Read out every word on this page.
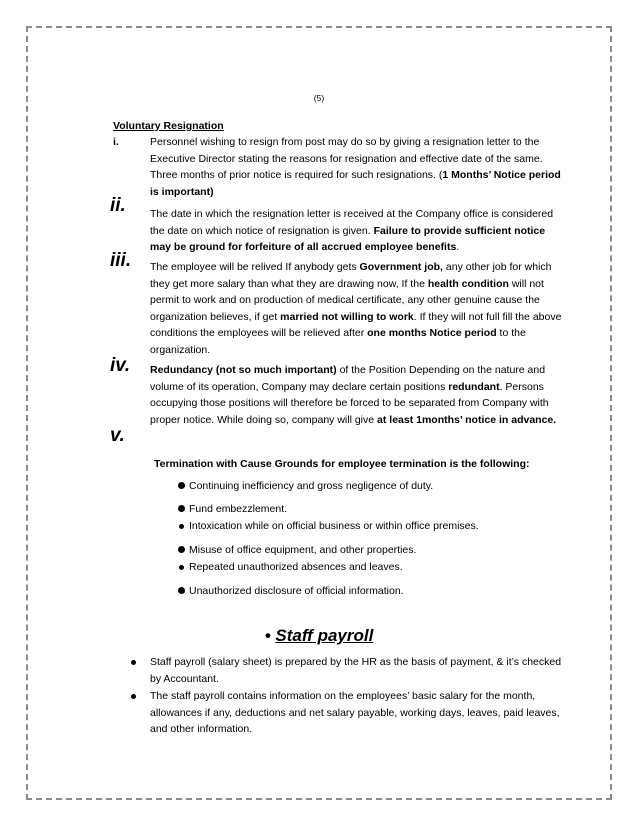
(5)
Voluntary Resignation
i.	Personnel wishing to resign from post may do so by giving a resignation letter to the Executive Director stating the reasons for resignation and effective date of the same. Three months of prior notice is required for such resignations. (1 Months’ Notice period is important)
ii. The date in which the resignation letter is received at the Company office is considered the date on which notice of resignation is given. Failure to provide sufficient notice may be ground for forfeiture of all accrued employee benefits.
iii. The employee will be relived If anybody gets Government job, any other job for which they get more salary than what they are drawing now, If the health condition will not permit to work and on production of medical certificate, any other genuine cause the organization believes, if get married not willing to work. If they will not full fill the above conditions the employees will be relieved after one months Notice period to the organization.
iv. Redundancy (not so much important) of the Position Depending on the nature and volume of its operation, Company may declare certain positions redundant. Persons occupying those positions will therefore be forced to be separated from Company with proper notice. While doing so, company will give at least 1months’ notice in advance.
v.
Termination with Cause Grounds for employee termination is the following:
Continuing inefficiency and gross negligence of duty.
Fund embezzlement.
Intoxication while on official business or within office premises.
Misuse of office equipment, and other properties.
Repeated unauthorized absences and leaves.
Unauthorized disclosure of official information.
• Staff payroll
Staff payroll (salary sheet) is prepared by the HR as the basis of payment, & it’s checked by Accountant.
The staff payroll contains information on the employees’ basic salary for the month, allowances if any, deductions and net salary payable, working days, leaves, paid leaves, and other information.
